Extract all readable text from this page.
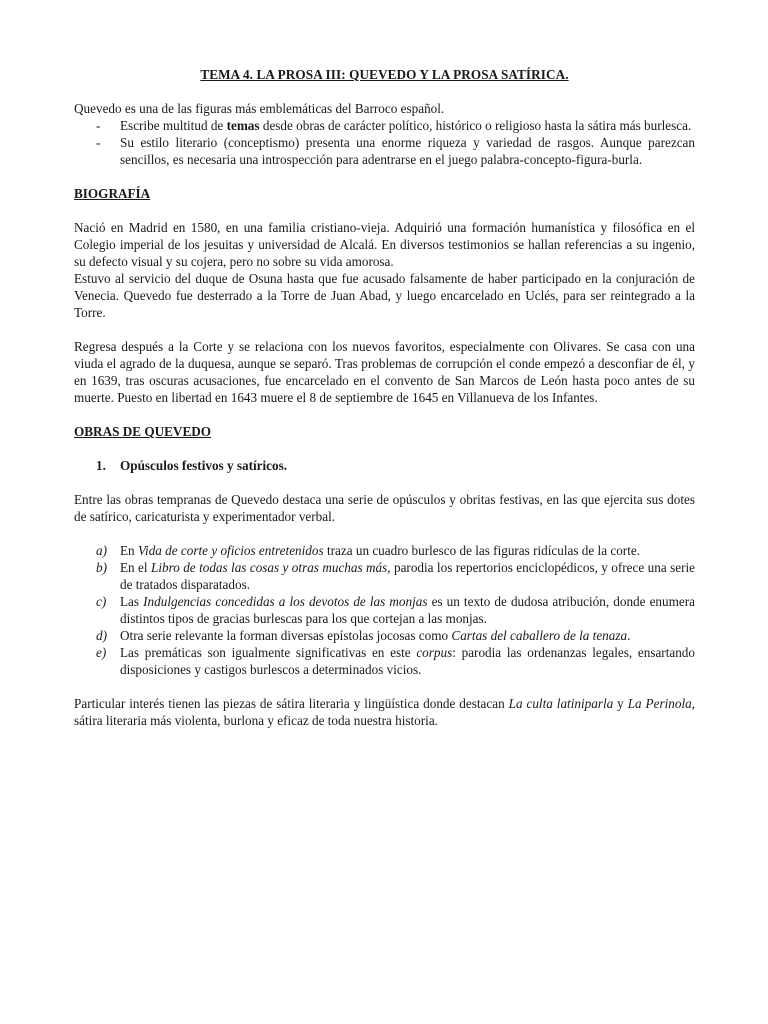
TEMA 4. LA PROSA III: QUEVEDO Y LA PROSA SATÍRICA.

Quevedo es una de las figuras más emblemáticas del Barroco español.

- Escribe multitud de temas desde obras de carácter político, histórico o religioso hasta la sátira más burlesca.
- Su estilo literario (conceptismo) presenta una enorme riqueza y variedad de rasgos. Aunque parezcan sencillos, es necesaria una introspección para adentrarse en el juego palabra-concepto-figura-burla.

BIOGRAFÍA

Nació en Madrid en 1580, en una familia cristiano-vieja. Adquirió una formación humanística y filosófica en el Colegio imperial de los jesuitas y universidad de Alcalá. En diversos testimonios se hallan referencias a su ingenio, su defecto visual y su cojera, pero no sobre su vida amorosa.

Estuvo al servicio del duque de Osuna hasta que fue acusado falsamente de haber participado en la conjuración de Venecia. Quevedo fue desterrado a la Torre de Juan Abad, y luego encarcelado en Uclés, para ser reintegrado a la Torre.

Regresa después a la Corte y se relaciona con los nuevos favoritos, especialmente con Olivares. Se casa con una viuda el agrado de la duquesa, aunque se separó. Tras problemas de corrupción el conde empezó a desconfiar de él, y en 1639, tras oscuras acusaciones, fue encarcelado en el convento de San Marcos de León hasta poco antes de su muerte. Puesto en libertad en 1643 muere el 8 de septiembre de 1645 en Villanueva de los Infantes.

OBRAS DE QUEVEDO

1. Opúsculos festivos y satíricos.

Entre las obras tempranas de Quevedo destaca una serie de opúsculos y obritas festivas, en las que ejercita sus dotes de satírico, caricaturista y experimentador verbal.

a) En Vida de corte y oficios entretenidos traza un cuadro burlesco de las figuras ridículas de la corte.
b) En el Libro de todas las cosas y otras muchas más, parodia los repertorios enciclopédicos, y ofrece una serie de tratados disparatados.
c) Las Indulgencias concedidas a los devotos de las monjas es un texto de dudosa atribución, donde enumera distintos tipos de gracias burlescas para los que cortejan a las monjas.
d) Otra serie relevante la forman diversas epístolas jocosas como Cartas del caballero de la tenaza.
e) Las premáticas son igualmente significativas en este corpus: parodia las ordenanzas legales, ensartando disposiciones y castigos burlescos a determinados vicios.

Particular interés tienen las piezas de sátira literaria y lingüística donde destacan La culta latiniparla y La Perinola, sátira literaria más violenta, burlona y eficaz de toda nuestra historia.
